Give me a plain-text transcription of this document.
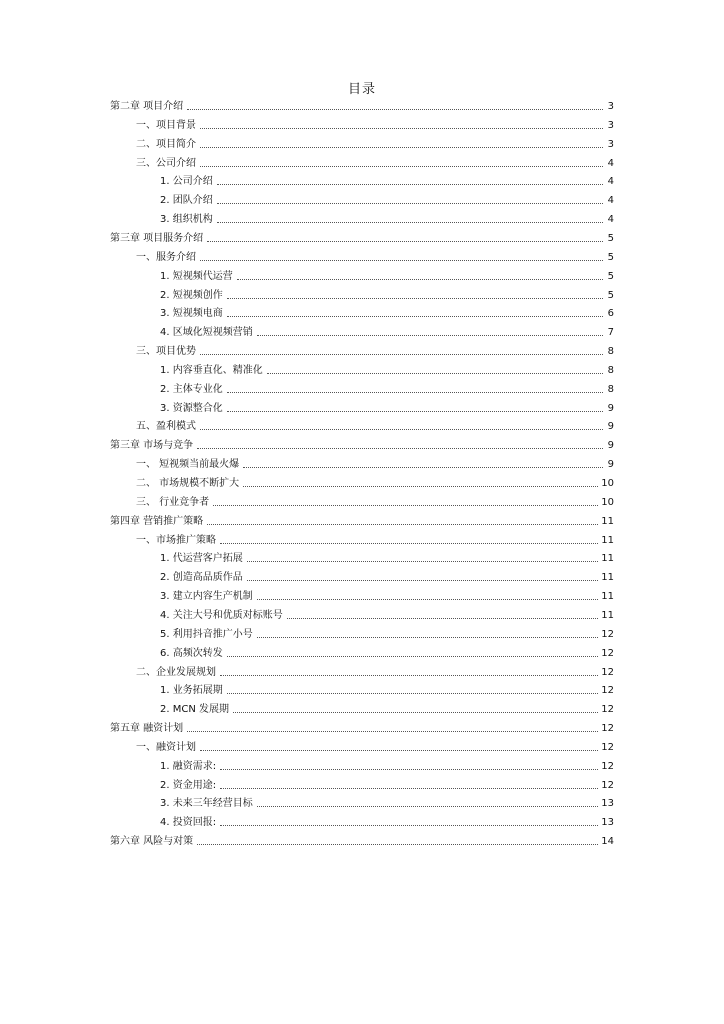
目录
第二章 项目介绍	3
一、项目背景	3
二、项目简介	3
三、公司介绍	4
1. 公司介绍	4
2. 团队介绍	4
3. 组织机构	4
第三章 项目服务介绍	5
一、服务介绍	5
1. 短视频代运营	5
2. 短视频创作	5
3. 短视频电商	6
4. 区域化短视频营销	7
三、项目优势	8
1. 内容垂直化、精准化	8
2. 主体专业化	8
3. 资源整合化	9
五、盈利模式	9
第三章 市场与竞争	9
一、 短视频当前最火爆	9
二、 市场规模不断扩大	10
三、 行业竞争者	10
第四章 营销推广策略	11
一、市场推广策略	11
1. 代运营客户拓展	11
2. 创造高品质作品	11
3. 建立内容生产机制	11
4. 关注大号和优质对标账号	11
5. 利用抖音推广小号	12
6. 高频次转发	12
二、企业发展规划	12
1. 业务拓展期	12
2. MCN 发展期	12
第五章 融资计划	12
一、融资计划	12
1. 融资需求:	12
2. 资金用途:	12
3. 未来三年经营目标	13
4. 投资回报:	13
第六章 风险与对策	14
